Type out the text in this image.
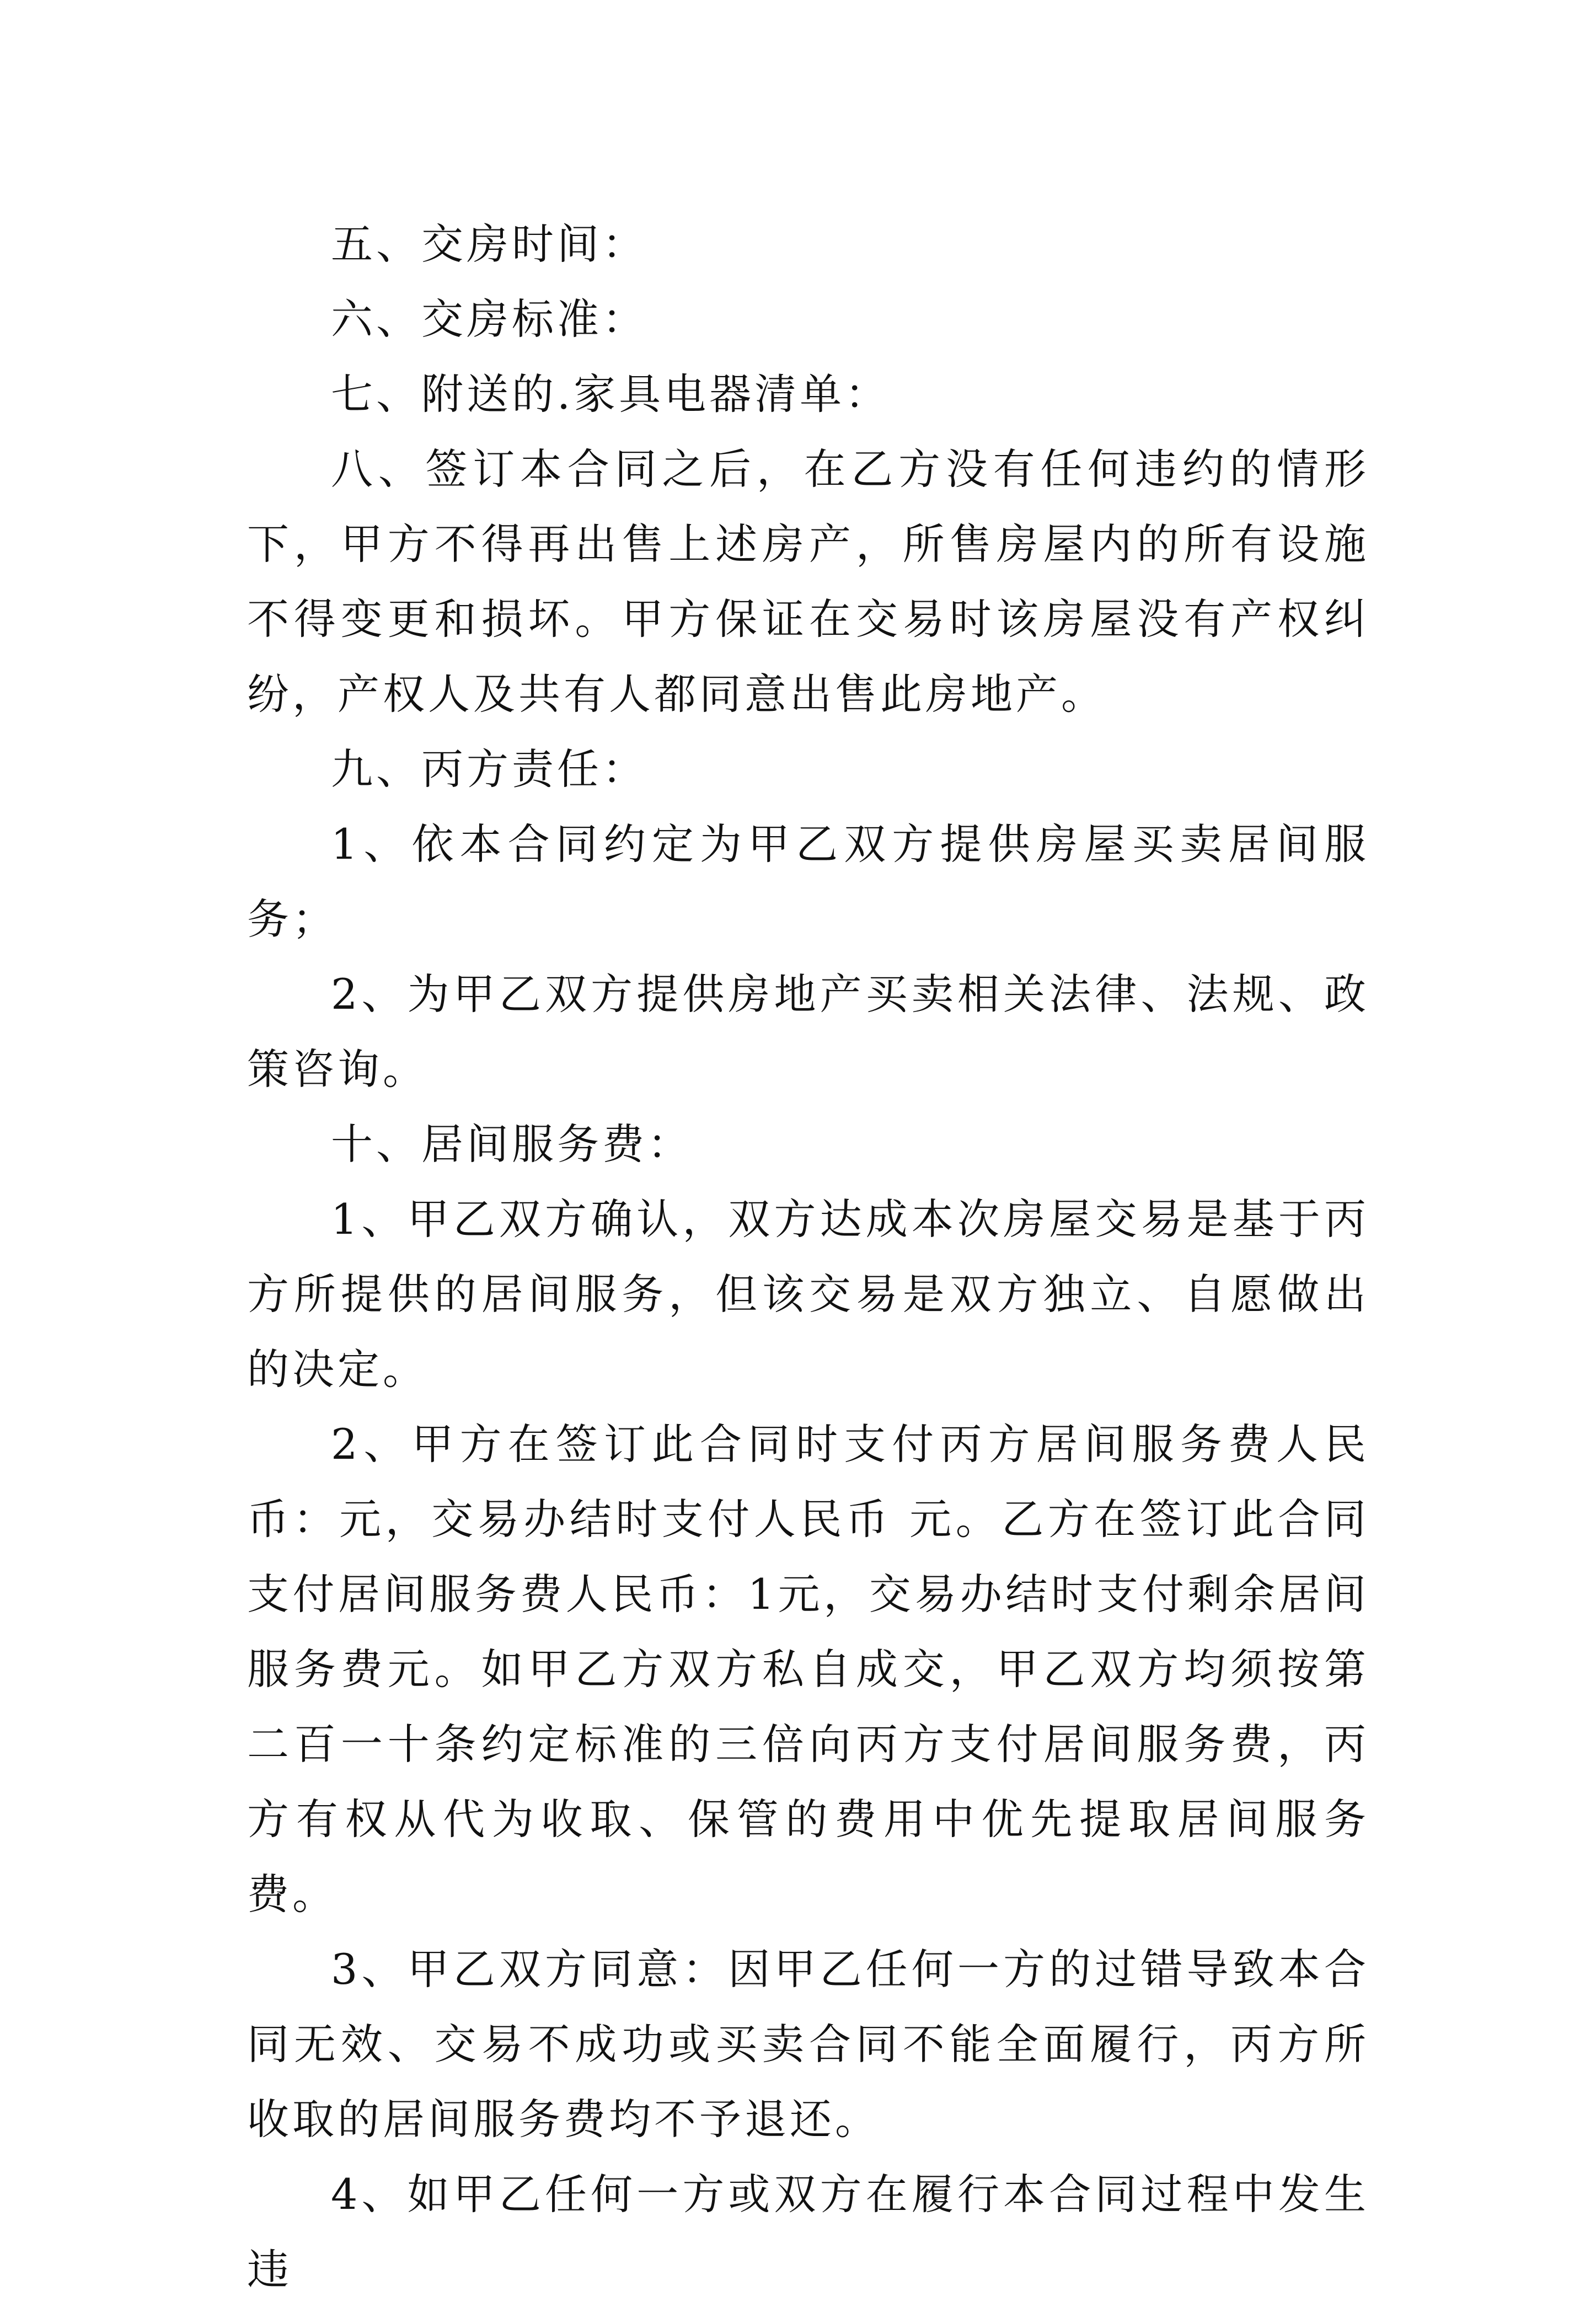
五、交房时间：

六、交房标准：

七、附送的.家具电器清单：

八、签订本合同之后，在乙方没有任何违约的情形下，甲方不得再出售上述房产，所售房屋内的所有设施不得变更和损坏。甲方保证在交易时该房屋没有产权纠纷，产权人及共有人都同意出售此房地产。

九、丙方责任：

1、依本合同约定为甲乙双方提供房屋买卖居间服务；

2、为甲乙双方提供房地产买卖相关法律、法规、政策咨询。

十、居间服务费：

1、甲乙双方确认，双方达成本次房屋交易是基于丙方所提供的居间服务，但该交易是双方独立、自愿做出的决定。

2、甲方在签订此合同时支付丙方居间服务费人民币：元，交易办结时支付人民币 元。乙方在签订此合同支付居间服务费人民币：1元，交易办结时支付剩余居间服务费元。如甲乙方双方私自成交，甲乙双方均须按第二百一十条约定标准的三倍向丙方支付居间服务费，丙方有权从代为收取、保管的费用中优先提取居间服务费。

3、甲乙双方同意：因甲乙任何一方的过错导致本合同无效、交易不成功或买卖合同不能全面履行，丙方所收取的居间服务费均不予退还。

4、如甲乙任何一方或双方在履行本合同过程中发生违
